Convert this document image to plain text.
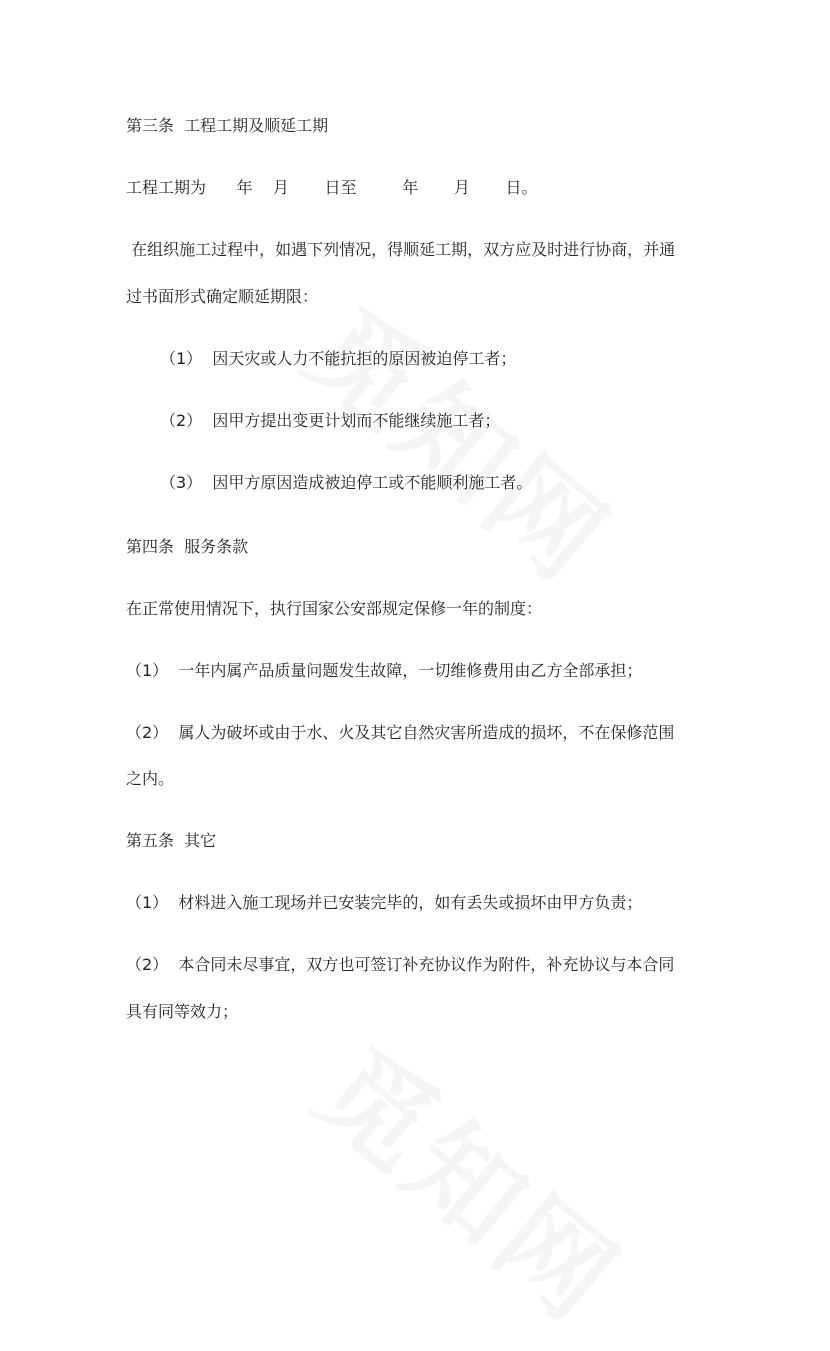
第三条  工程工期及顺延工期

工程工期为      年    月       日至         年       月       日。

在组织施工过程中，如遇下列情况，得顺延工期，双方应及时进行协商，并通

过书面形式确定顺延期限：

（1）  因天灾或人力不能抗拒的原因被迫停工者；

（2）  因甲方提出变更计划而不能继续施工者；

（3）  因甲方原因造成被迫停工或不能顺利施工者。

第四条  服务条款

在正常使用情况下，执行国家公安部规定保修一年的制度：

（1）  一年内属产品质量问题发生故障，一切维修费用由乙方全部承担；

（2）  属人为破坏或由于水、火及其它自然灾害所造成的损坏，不在保修范围

之内。

第五条  其它

（1）  材料进入施工现场并已安装完毕的，如有丢失或损坏由甲方负责；

（2）  本合同未尽事宜，双方也可签订补充协议作为附件，补充协议与本合同

具有同等效力；
